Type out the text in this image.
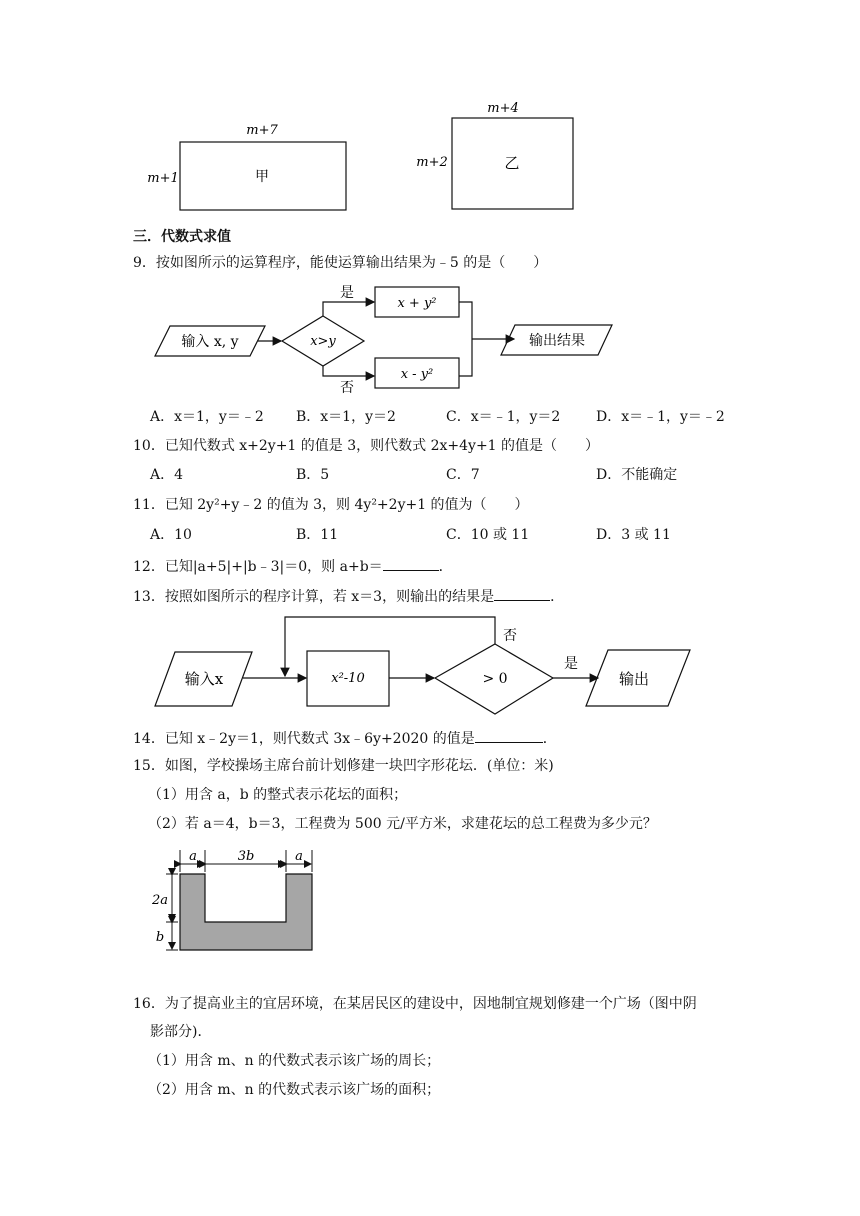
m+7
m+1	甲
m+4
m+2	乙
三．代数式求值
9．按如图所示的运算程序，能使运算输出结果为﹣5 的是（　　）
输入 x, y	x>y
是
否
x + y²
x - y²
输出结果
A．x＝1，y＝﹣2 B．x＝1，y＝2	C．x＝﹣1，y＝2	D．x＝﹣1，y＝﹣2
10．已知代数式 x+2y+1 的值是 3，则代数式 2x+4y+1 的值是（　　）
A．4	B．5	C．7	D．不能确定
11．已知 2y²+y﹣2 的值为 3，则 4y²+2y+1 的值为（　　）
A．10	B．11	C．10 或 11	D．3 或 11
12．已知|a+5|+|b﹣3|＝0，则 a+b＝	．
13．按照如图所示的程序计算，若 x＝3，则输出的结果是	．
输入x	x²-10	> 0
否
是
输出
14．已知 x﹣2y＝1，则代数式 3x﹣6y+2020 的值是	．
15．如图，学校操场主席台前计划修建一块凹字形花坛．(单位：米)
（1）用含 a，b 的整式表示花坛的面积；
（2）若 a＝4，b＝3，工程费为 500 元/平方米，求建花坛的总工程费为多少元？
a	3b	a
2a
b
16．为了提高业主的宜居环境，在某居民区的建设中，因地制宜规划修建一个广场（图中阴
影部分)．
（1）用含 m、n 的代数式表示该广场的周长；
（2）用含 m、n 的代数式表示该广场的面积；
